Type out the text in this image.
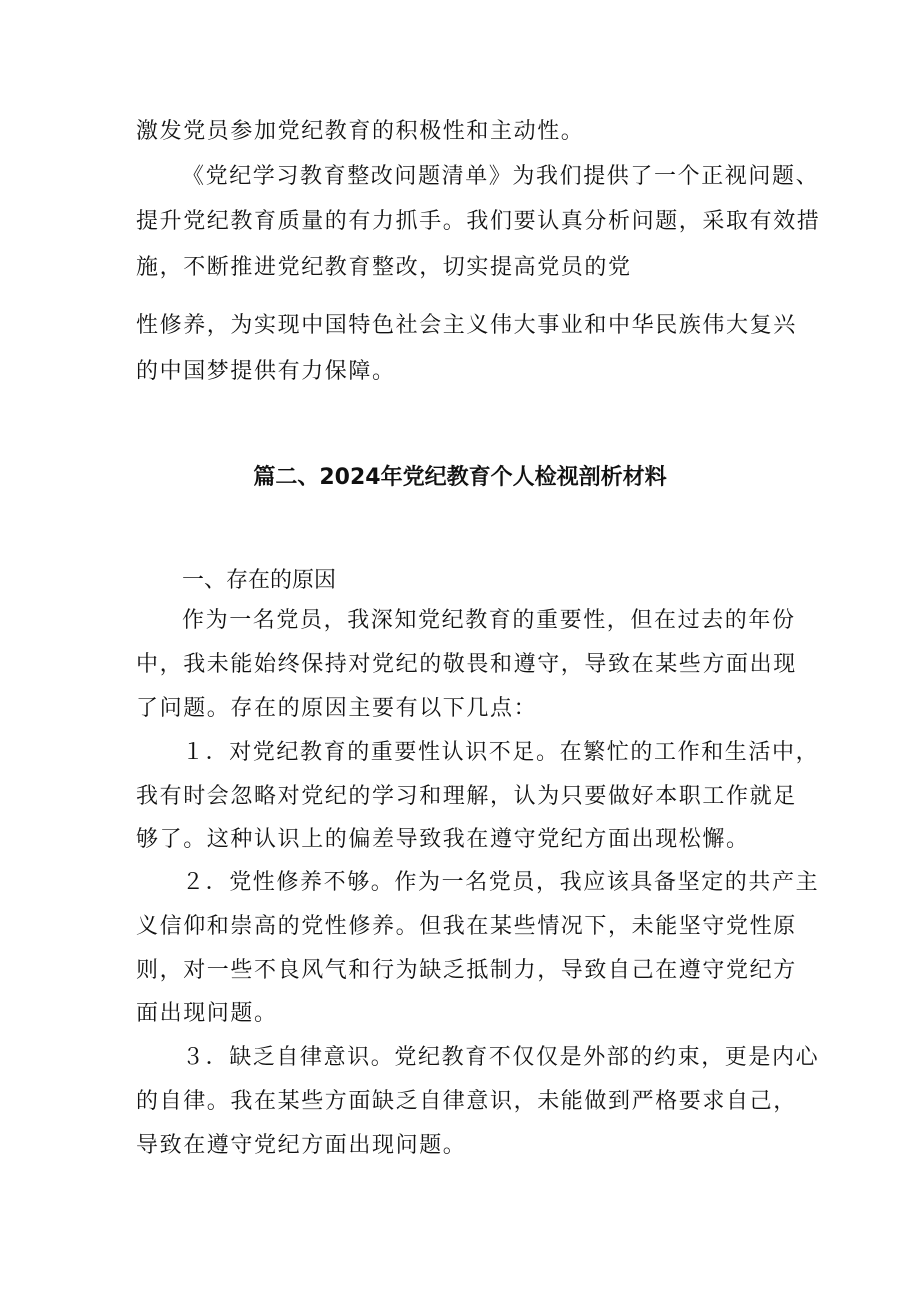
激发党员参加党纪教育的积极性和主动性。
《党纪学习教育整改问题清单》为我们提供了一个正视问题、
提升党纪教育质量的有力抓手。我们要认真分析问题，采取有效措
施，不断推进党纪教育整改，切实提高党员的党
性修养，为实现中国特色社会主义伟大事业和中华民族伟大复兴
的中国梦提供有力保障。
篇二、2024年党纪教育个人检视剖析材料
一、存在的原因
作为一名党员，我深知党纪教育的重要性，但在过去的年份
中，我未能始终保持对党纪的敬畏和遵守，导致在某些方面出现
了问题。存在的原因主要有以下几点：
１．对党纪教育的重要性认识不足。在繁忙的工作和生活中，
我有时会忽略对党纪的学习和理解，认为只要做好本职工作就足
够了。这种认识上的偏差导致我在遵守党纪方面出现松懈。
２．党性修养不够。作为一名党员，我应该具备坚定的共产主
义信仰和崇高的党性修养。但我在某些情况下，未能坚守党性原
则，对一些不良风气和行为缺乏抵制力，导致自己在遵守党纪方
面出现问题。
３．缺乏自律意识。党纪教育不仅仅是外部的约束，更是内心
的自律。我在某些方面缺乏自律意识，未能做到严格要求自己，
导致在遵守党纪方面出现问题。
